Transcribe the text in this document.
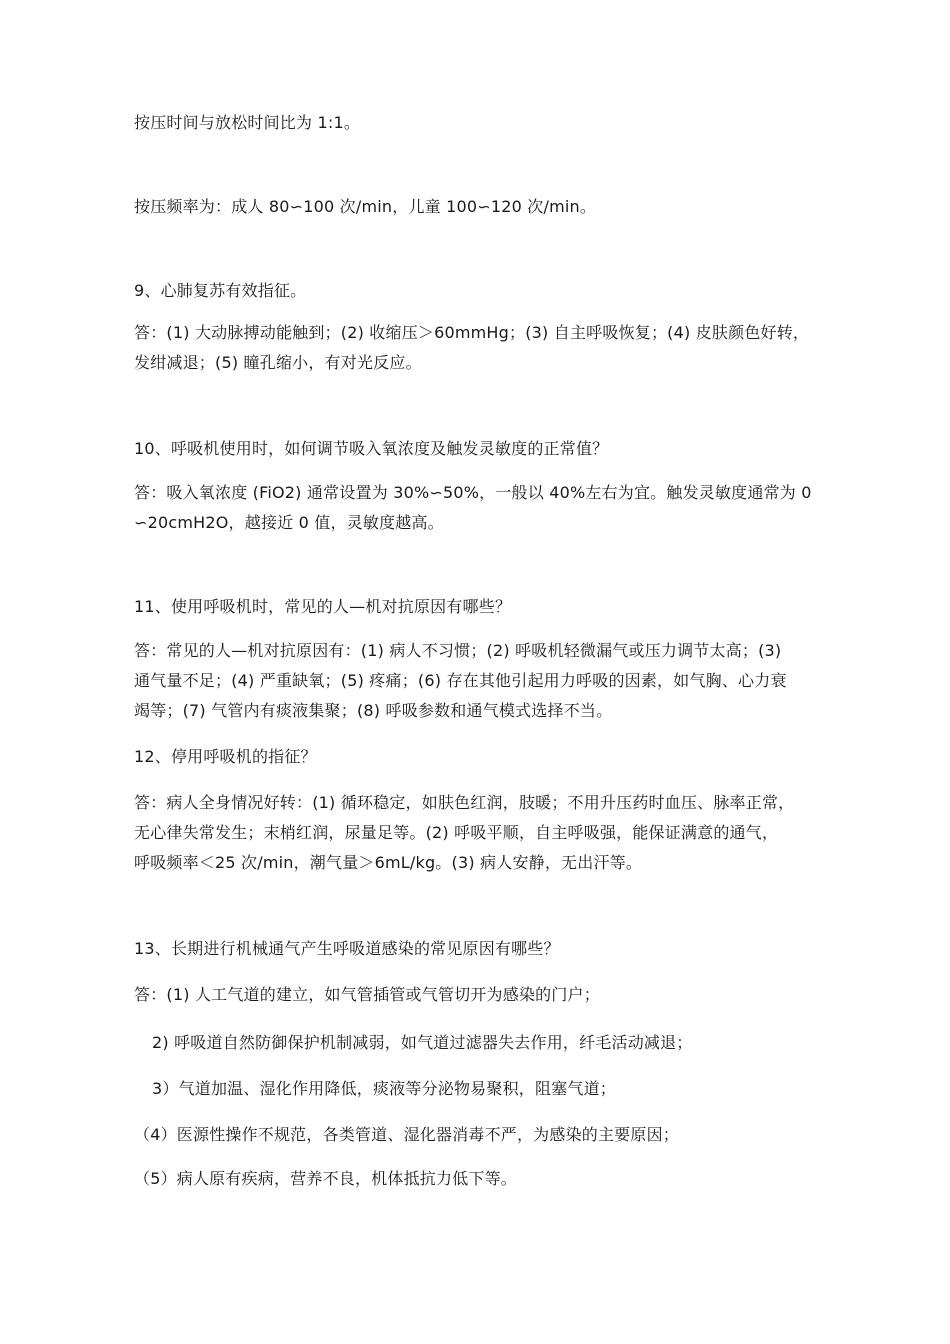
按压时间与放松时间比为 1:1。
按压频率为：成人 80∽100 次/min，儿童 100∽120 次/min。
9、心肺复苏有效指征。
答：(1) 大动脉搏动能触到；(2) 收缩压＞60mmHg；(3) 自主呼吸恢复；(4) 皮肤颜色好转，
发绀减退；(5) 瞳孔缩小，有对光反应。
10、呼吸机使用时，如何调节吸入氧浓度及触发灵敏度的正常值？
答：吸入氧浓度 (FiO2) 通常设置为 30%∽50%，一般以 40%左右为宜。触发灵敏度通常为 0
∽20cmH2O，越接近 0 值，灵敏度越高。
11、使用呼吸机时，常见的人—机对抗原因有哪些？
答：常见的人—机对抗原因有：(1) 病人不习惯；(2) 呼吸机轻微漏气或压力调节太高；(3)
通气量不足；(4) 严重缺氧；(5) 疼痛；(6) 存在其他引起用力呼吸的因素，如气胸、心力衰
竭等；(7) 气管内有痰液集聚；(8) 呼吸参数和通气模式选择不当。
12、停用呼吸机的指征？
答：病人全身情况好转：(1) 循环稳定，如肤色红润，肢暖；不用升压药时血压、脉率正常，
无心律失常发生；末梢红润，尿量足等。(2) 呼吸平顺，自主呼吸强，能保证满意的通气，
呼吸频率＜25 次/min，潮气量＞6mL/kg。(3) 病人安静，无出汗等。
13、长期进行机械通气产生呼吸道感染的常见原因有哪些？
答：(1) 人工气道的建立，如气管插管或气管切开为感染的门户；
2) 呼吸道自然防御保护机制减弱，如气道过滤器失去作用，纤毛活动减退；
3）气道加温、湿化作用降低，痰液等分泌物易聚积，阻塞气道；
（4）医源性操作不规范，各类管道、湿化器消毒不严，为感染的主要原因；
（5）病人原有疾病，营养不良，机体抵抗力低下等。
